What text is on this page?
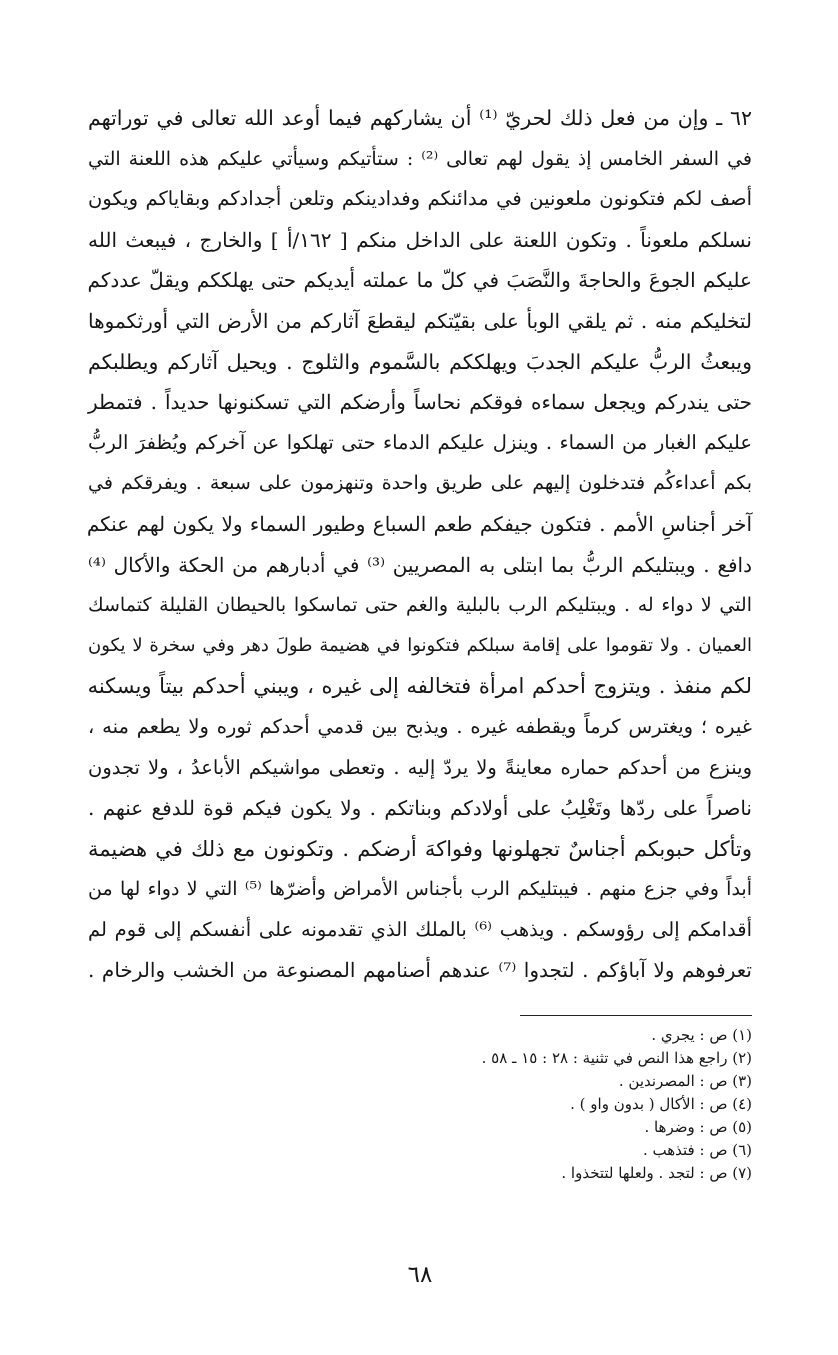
٦٢ ـ وإن من فعل ذلك لحريّ ⁽¹⁾ أن يشاركهم فيما أوعد الله تعالى في توراتهم
في السفر الخامس إذ يقول لهم تعالى ⁽²⁾ : ستأتيكم وسيأتي عليكم هذه اللعنة التي
أصف لكم فتكونون ملعونين في مدائنكم وفدادينكم وتلعن أجدادكم وبقاياكم ويكون
نسلكم ملعوناً . وتكون اللعنة على الداخل منكم [ ١٦٢/أ ] والخارج ، فيبعث الله
عليكم الجوعَ والحاجةَ والنَّصَبَ في كلّ ما عملته أيديكم حتى يهلككم ويقلّ عددكم
لتخليكم منه . ثم يلقي الوبأ على بقيّتكم ليقطعَ آثاركم من الأرض التي أورثكموها
ويبعثُ الربُّ عليكم الجدبَ ويهلككم بالسَّموم والثلوج . ويحيل آثاركم ويطلبكم
حتى يندركم ويجعل سماءه فوقكم نحاساً وأرضكم التي تسكنونها حديداً . فتمطر
عليكم الغبار من السماء . وينزل عليكم الدماء حتى تهلكوا عن آخركم ويُظفرَ الربُّ
بكم أعداءكُم فتدخلون إليهم على طريق واحدة وتنهزمون على سبعة . ويفرقكم في
آخر أجناسِ الأمم . فتكون جيفكم طعم السباع وطيور السماء ولا يكون لهم عنكم
دافع . ويبتليكم الربُّ بما ابتلى به المصريين ⁽³⁾ في أدبارهم من الحكة والأكال ⁽⁴⁾
التي لا دواء له . ويبتليكم الرب بالبلية والغم حتى تماسكوا بالحيطان القليلة كتماسك
العميان . ولا تقوموا على إقامة سبلكم فتكونوا في هضيمة طولَ دهر وفي سخرة لا يكون
لكم منفذ . ويتزوج أحدكم امرأة فتخالفه إلى غيره ، ويبني أحدكم بيتاً ويسكنه
غيره ؛ ويغترس كرماً ويقطفه غيره . ويذبح بين قدمي أحدكم ثوره ولا يطعم منه ،
وينزع من أحدكم حماره معاينةً ولا يردّ إليه . وتعطى مواشيكم الأباعدُ ، ولا تجدون
ناصراً على ردّها وتَغْلِبُ على أولادكم وبناتكم . ولا يكون فيكم قوة للدفع عنهم .
وتأكل حبوبكم أجناسٌ تجهلونها وفواكهَ أرضكم . وتكونون مع ذلك في هضيمة
أبداً وفي جزع منهم . فيبتليكم الرب بأجناس الأمراض وأضرّها ⁽⁵⁾ التي لا دواء لها من
أقدامكم إلى رؤوسكم . ويذهب ⁽⁶⁾ بالملك الذي تقدمونه على أنفسكم إلى قوم لم
تعرفوهم ولا آباؤكم . لتجدوا ⁽⁷⁾ عندهم أصنامهم المصنوعة من الخشب والرخام .
(١) ص : يجري .
(٢) راجع هذا النص في تثنية : ٢٨ : ١٥ ـ ٥٨ .
(٣) ص : المصرندين .
(٤) ص : الأكال ( بدون واو ) .
(٥) ص : وضرها .
(٦) ص : فتذهب .
(٧) ص : لتجد . ولعلها لتتخذوا .
٦٨
